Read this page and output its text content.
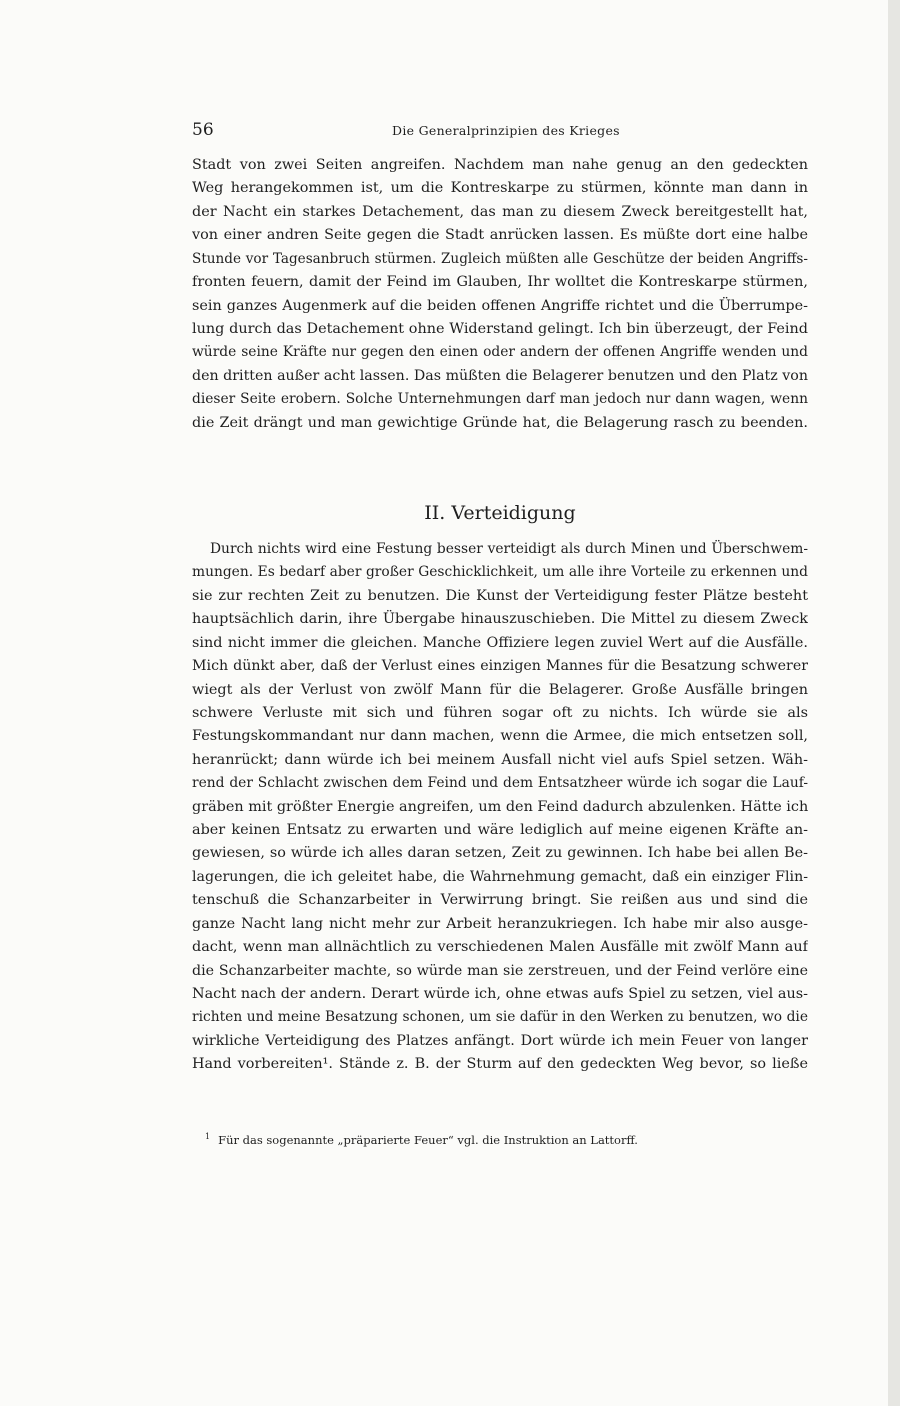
56	Die Generalprinzipien des Krieges
Stadt von zwei Seiten angreifen. Nachdem man nahe genug an den gedeckten
Weg herangekommen ist, um die Kontreskarpe zu stürmen, könnte man dann in
der Nacht ein starkes Detachement, das man zu diesem Zweck bereitgestellt hat,
von einer andren Seite gegen die Stadt anrücken lassen. Es müßte dort eine halbe
Stunde vor Tagesanbruch stürmen. Zugleich müßten alle Geschütze der beiden Angriffs-
fronten feuern, damit der Feind im Glauben, Ihr wolltet die Kontreskarpe stürmen,
sein ganzes Augenmerk auf die beiden offenen Angriffe richtet und die Überrumpe-
lung durch das Detachement ohne Widerstand gelingt. Ich bin überzeugt, der Feind
würde seine Kräfte nur gegen den einen oder andern der offenen Angriffe wenden und
den dritten außer acht lassen. Das müßten die Belagerer benutzen und den Platz von
dieser Seite erobern. Solche Unternehmungen darf man jedoch nur dann wagen, wenn
die Zeit drängt und man gewichtige Gründe hat, die Belagerung rasch zu beenden.
II. Verteidigung
Durch nichts wird eine Festung besser verteidigt als durch Minen und Überschwem-
mungen. Es bedarf aber großer Geschicklichkeit, um alle ihre Vorteile zu erkennen und
sie zur rechten Zeit zu benutzen. Die Kunst der Verteidigung fester Plätze besteht
hauptsächlich darin, ihre Übergabe hinauszuschieben. Die Mittel zu diesem Zweck
sind nicht immer die gleichen. Manche Offiziere legen zuviel Wert auf die Ausfälle.
Mich dünkt aber, daß der Verlust eines einzigen Mannes für die Besatzung schwerer
wiegt als der Verlust von zwölf Mann für die Belagerer. Große Ausfälle bringen
schwere Verluste mit sich und führen sogar oft zu nichts. Ich würde sie als
Festungskommandant nur dann machen, wenn die Armee, die mich entsetzen soll,
heranrückt; dann würde ich bei meinem Ausfall nicht viel aufs Spiel setzen. Wäh-
rend der Schlacht zwischen dem Feind und dem Entsatzheer würde ich sogar die Lauf-
gräben mit größter Energie angreifen, um den Feind dadurch abzulenken. Hätte ich
aber keinen Entsatz zu erwarten und wäre lediglich auf meine eigenen Kräfte an-
gewiesen, so würde ich alles daran setzen, Zeit zu gewinnen. Ich habe bei allen Be-
lagerungen, die ich geleitet habe, die Wahrnehmung gemacht, daß ein einziger Flin-
tenschuß die Schanzarbeiter in Verwirrung bringt. Sie reißen aus und sind die
ganze Nacht lang nicht mehr zur Arbeit heranzukriegen. Ich habe mir also ausge-
dacht, wenn man allnächtlich zu verschiedenen Malen Ausfälle mit zwölf Mann auf
die Schanzarbeiter machte, so würde man sie zerstreuen, und der Feind verlöre eine
Nacht nach der andern. Derart würde ich, ohne etwas aufs Spiel zu setzen, viel aus-
richten und meine Besatzung schonen, um sie dafür in den Werken zu benutzen, wo die
wirkliche Verteidigung des Platzes anfängt. Dort würde ich mein Feuer von langer
Hand vorbereiten¹. Stände z. B. der Sturm auf den gedeckten Weg bevor, so ließe
$^1$ Für das sogenannte „präparierte Feuer“ vgl. die Instruktion an Lattorff.
